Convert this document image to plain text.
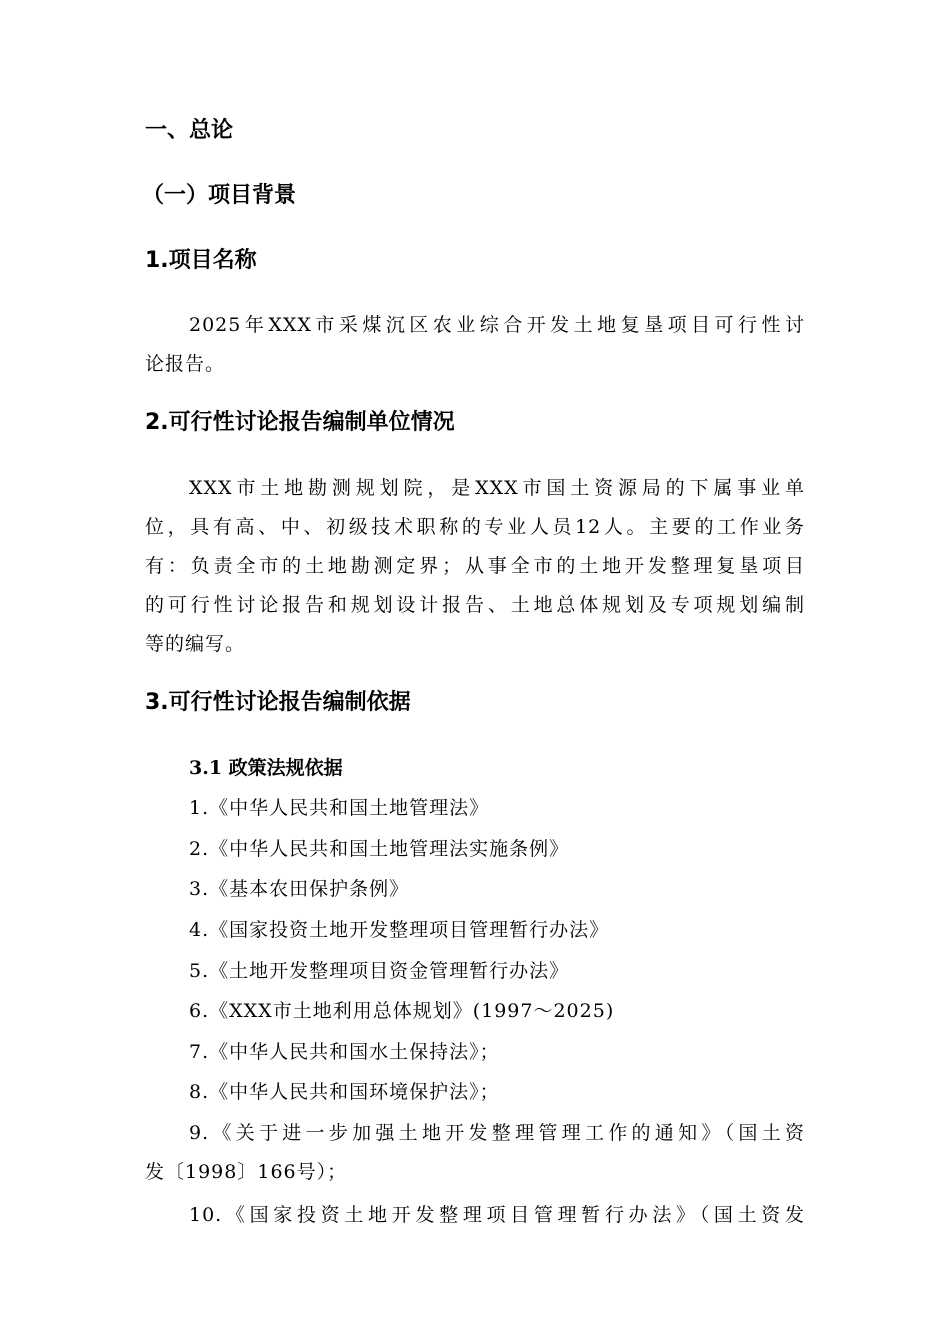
一、总论
（一）项目背景
1.项目名称
2025年XXX市采煤沉区农业综合开发土地复垦项目可行性讨
论报告。
2.可行性讨论报告编制单位情况
XXX市土地勘测规划院，是XXX市国土资源局的下属事业单
位，具有高、中、初级技术职称的专业人员12人。主要的工作业务
有：负责全市的土地勘测定界；从事全市的土地开发整理复垦项目
的可行性讨论报告和规划设计报告、土地总体规划及专项规划编制
等的编写。
3.可行性讨论报告编制依据
3.1 政策法规依据

1.《中华人民共和国土地管理法》

2.《中华人民共和国土地管理法实施条例》

3.《基本农田保护条例》

4.《国家投资土地开发整理项目管理暂行办法》

5.《土地开发整理项目资金管理暂行办法》

6.《XXX市土地利用总体规划》(1997～2025)

7.《中华人民共和国水土保持法》；

8.《中华人民共和国环境保护法》；

9.《关于进一步加强土地开发整理管理工作的通知》（国土资
发〔1998〕166号）；
10.《国家投资土地开发整理项目管理暂行办法》（国土资发
